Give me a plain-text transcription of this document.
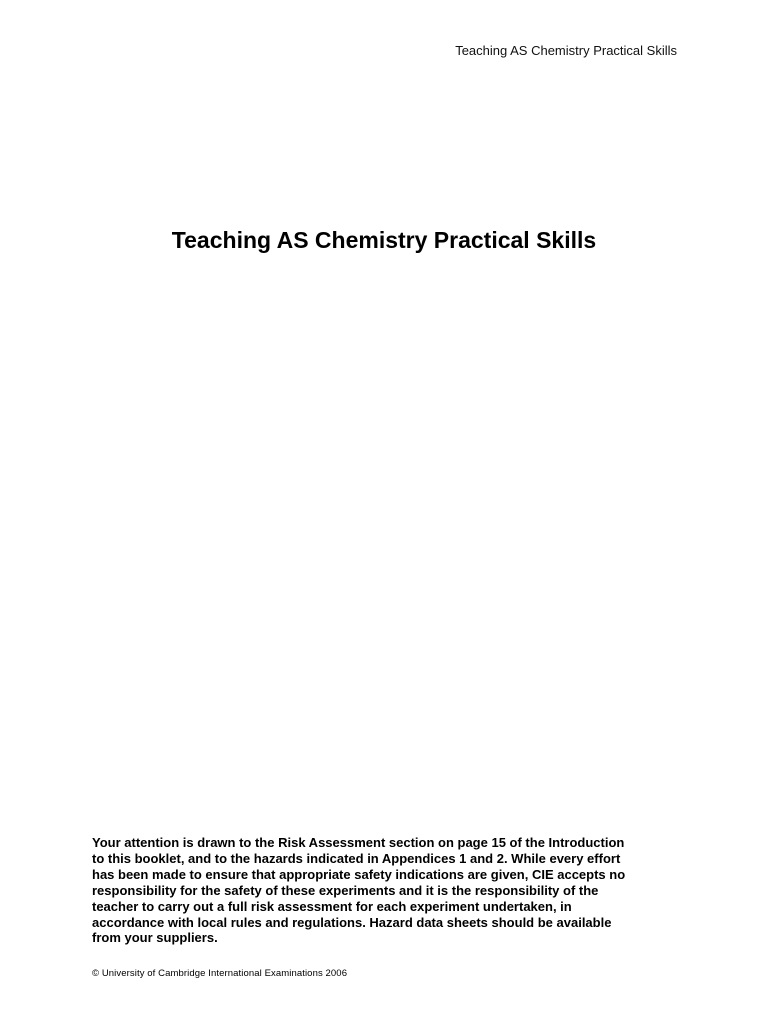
Teaching AS Chemistry Practical Skills
Teaching AS Chemistry Practical Skills

Your attention is drawn to the Risk Assessment section on page 15 of the Introduction
to this booklet, and to the hazards indicated in Appendices 1 and 2. While every effort
has been made to ensure that appropriate safety indications are given, CIE accepts no
responsibility for the safety of these experiments and it is the responsibility of the
teacher to carry out a full risk assessment for each experiment undertaken, in
accordance with local rules and regulations. Hazard data sheets should be available
from your suppliers.

© University of Cambridge International Examinations 2006
